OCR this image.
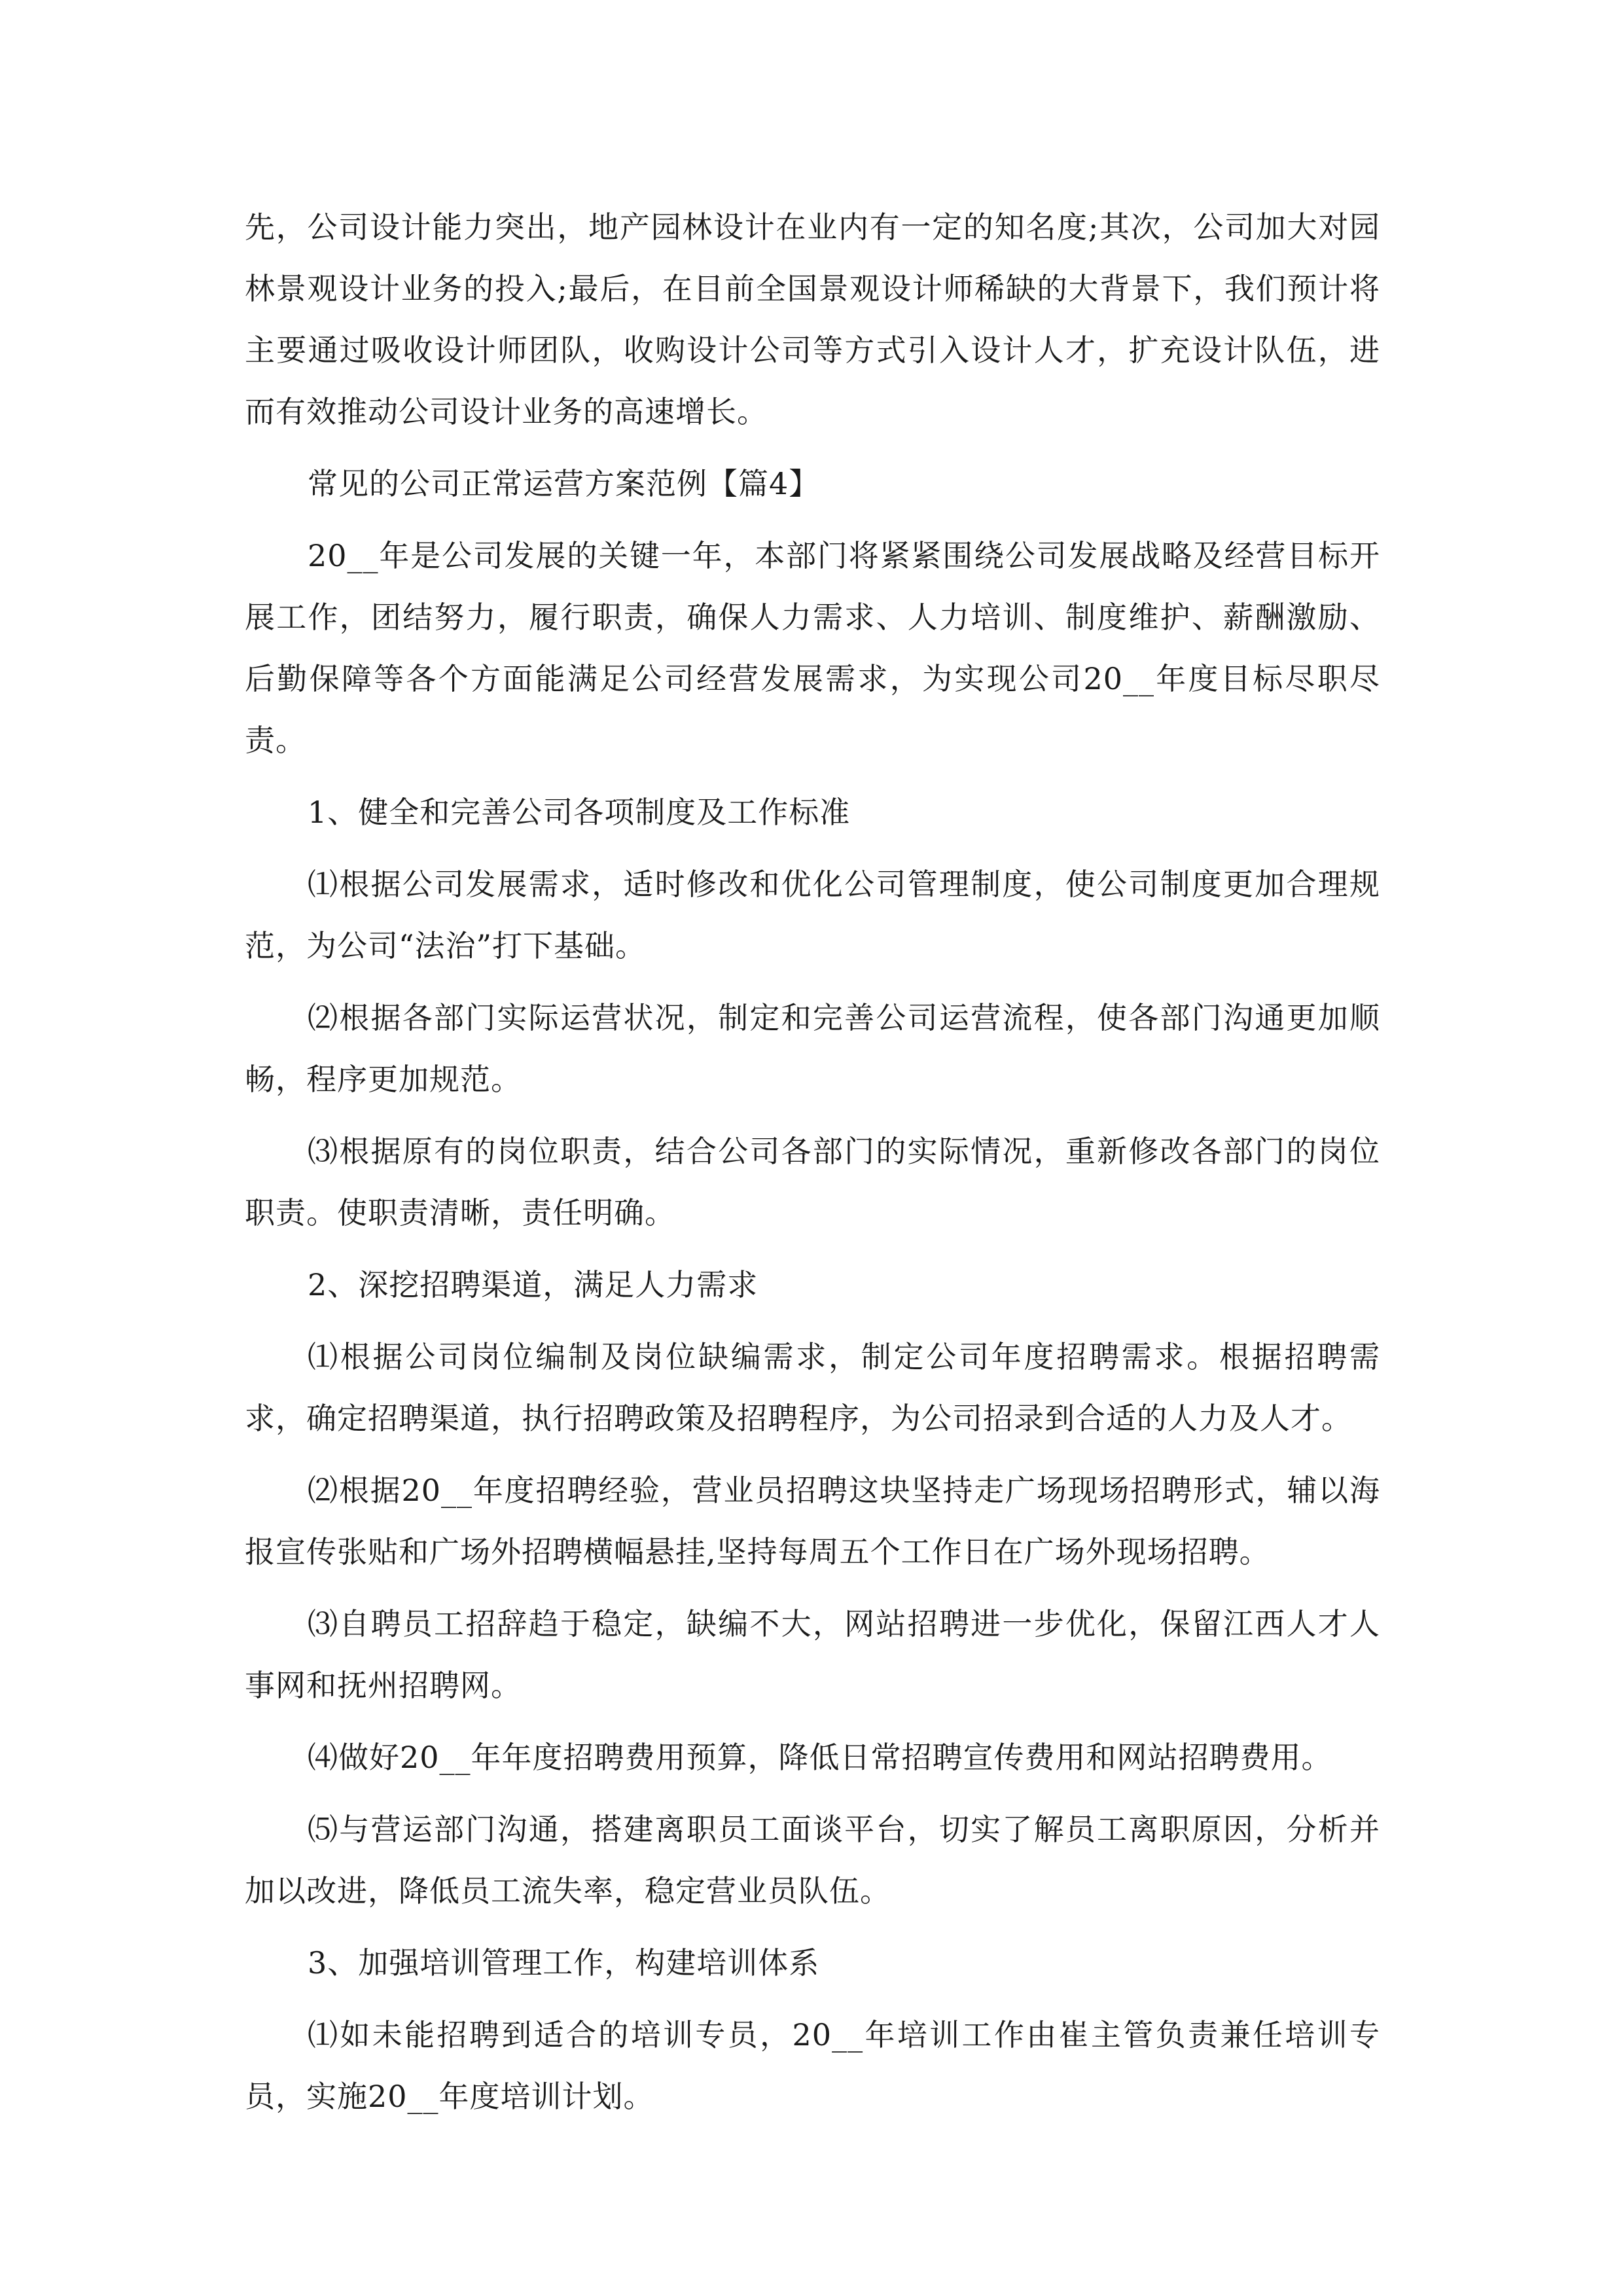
先，公司设计能力突出，地产园林设计在业内有一定的知名度;其次，公司加大对园林景观设计业务的投入;最后，在目前全国景观设计师稀缺的大背景下，我们预计将主要通过吸收设计师团队，收购设计公司等方式引入设计人才，扩充设计队伍，进而有效推动公司设计业务的高速增长。

常见的公司正常运营方案范例【篇4】

20__年是公司发展的关键一年，本部门将紧紧围绕公司发展战略及经营目标开展工作，团结努力，履行职责，确保人力需求、人力培训、制度维护、薪酬激励、后勤保障等各个方面能满足公司经营发展需求，为实现公司20__年度目标尽职尽责。

1、健全和完善公司各项制度及工作标准

⑴根据公司发展需求，适时修改和优化公司管理制度，使公司制度更加合理规范，为公司“法治”打下基础。

⑵根据各部门实际运营状况，制定和完善公司运营流程，使各部门沟通更加顺畅，程序更加规范。

⑶根据原有的岗位职责，结合公司各部门的实际情况，重新修改各部门的岗位职责。使职责清晰，责任明确。

2、深挖招聘渠道，满足人力需求

⑴根据公司岗位编制及岗位缺编需求，制定公司年度招聘需求。根据招聘需求，确定招聘渠道，执行招聘政策及招聘程序，为公司招录到合适的人力及人才。

⑵根据20__年度招聘经验，营业员招聘这块坚持走广场现场招聘形式，辅以海报宣传张贴和广场外招聘横幅悬挂,坚持每周五个工作日在广场外现场招聘。

⑶自聘员工招辞趋于稳定，缺编不大，网站招聘进一步优化，保留江西人才人事网和抚州招聘网。

⑷做好20__年年度招聘费用预算，降低日常招聘宣传费用和网站招聘费用。

⑸与营运部门沟通，搭建离职员工面谈平台，切实了解员工离职原因，分析并加以改进，降低员工流失率，稳定营业员队伍。

3、加强培训管理工作，构建培训体系

⑴如未能招聘到适合的培训专员，20__年培训工作由崔主管负责兼任培训专员，实施20__年度培训计划。
